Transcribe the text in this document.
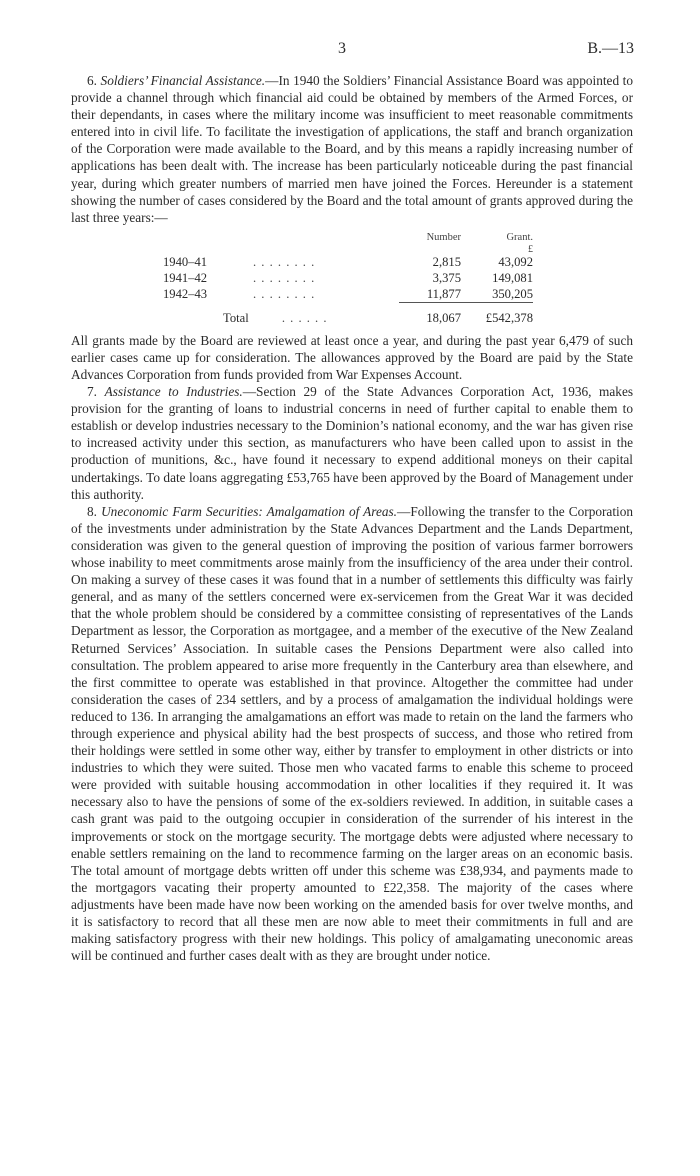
3	B.—13

6. Soldiers’ Financial Assistance.—In 1940 the Soldiers’ Financial Assistance Board was appointed to provide a channel through which financial aid could be obtained by members of the Armed Forces, or their dependants, in cases where the military income was insufficient to meet reasonable commitments entered into in civil life. To facilitate the investigation of applications, the staff and branch organization of the Corporation were made available to the Board, and by this means a rapidly increasing number of applications has been dealt with. The increase has been particularly noticeable during the past financial year, during which greater numbers of married men have joined the Forces. Hereunder is a statement showing the number of cases considered by the Board and the total amount of grants approved during the last three years:—

		Number	Grant.
			£
1940–41	. . . . . . . .	2,815	43,092
1941–42	. . . . . . . .	3,375	149,081
1942–43	. . . . . . . .	11,877	350,205
Total . . . . . .		18,067	£542,378

All grants made by the Board are reviewed at least once a year, and during the past year 6,479 of such earlier cases came up for consideration. The allowances approved by the Board are paid by the State Advances Corporation from funds provided from War Expenses Account.

7. Assistance to Industries.—Section 29 of the State Advances Corporation Act, 1936, makes provision for the granting of loans to industrial concerns in need of further capital to enable them to establish or develop industries necessary to the Dominion’s national economy, and the war has given rise to increased activity under this section, as manufacturers who have been called upon to assist in the production of munitions, &c., have found it necessary to expend additional moneys on their capital undertakings. To date loans aggregating £53,765 have been approved by the Board of Management under this authority.

8. Uneconomic Farm Securities: Amalgamation of Areas.—Following the transfer to the Corporation of the investments under administration by the State Advances Department and the Lands Department, consideration was given to the general question of improving the position of various farmer borrowers whose inability to meet commitments arose mainly from the insufficiency of the area under their control. On making a survey of these cases it was found that in a number of settlements this difficulty was fairly general, and as many of the settlers concerned were ex-servicemen from the Great War it was decided that the whole problem should be considered by a committee consisting of representatives of the Lands Department as lessor, the Corporation as mortgagee, and a member of the executive of the New Zealand Returned Services’ Association. In suitable cases the Pensions Department were also called into consultation. The problem appeared to arise more frequently in the Canterbury area than elsewhere, and the first committee to operate was established in that province. Altogether the committee had under consideration the cases of 234 settlers, and by a process of amalgamation the individual holdings were reduced to 136. In arranging the amalgamations an effort was made to retain on the land the farmers who through experience and physical ability had the best prospects of success, and those who retired from their holdings were settled in some other way, either by transfer to employment in other districts or into industries to which they were suited. Those men who vacated farms to enable this scheme to proceed were provided with suitable housing accommodation in other localities if they required it. It was necessary also to have the pensions of some of the ex-soldiers reviewed. In addition, in suitable cases a cash grant was paid to the outgoing occupier in consideration of the surrender of his interest in the improvements or stock on the mortgage security. The mortgage debts were adjusted where necessary to enable settlers remaining on the land to recommence farming on the larger areas on an economic basis. The total amount of mortgage debts written off under this scheme was £38,934, and payments made to the mortgagors vacating their property amounted to £22,358. The majority of the cases where adjustments have been made have now been working on the amended basis for over twelve months, and it is satisfactory to record that all these men are now able to meet their commitments in full and are making satisfactory progress with their new holdings. This policy of amalgamating uneconomic areas will be continued and further cases dealt with as they are brought under notice.
